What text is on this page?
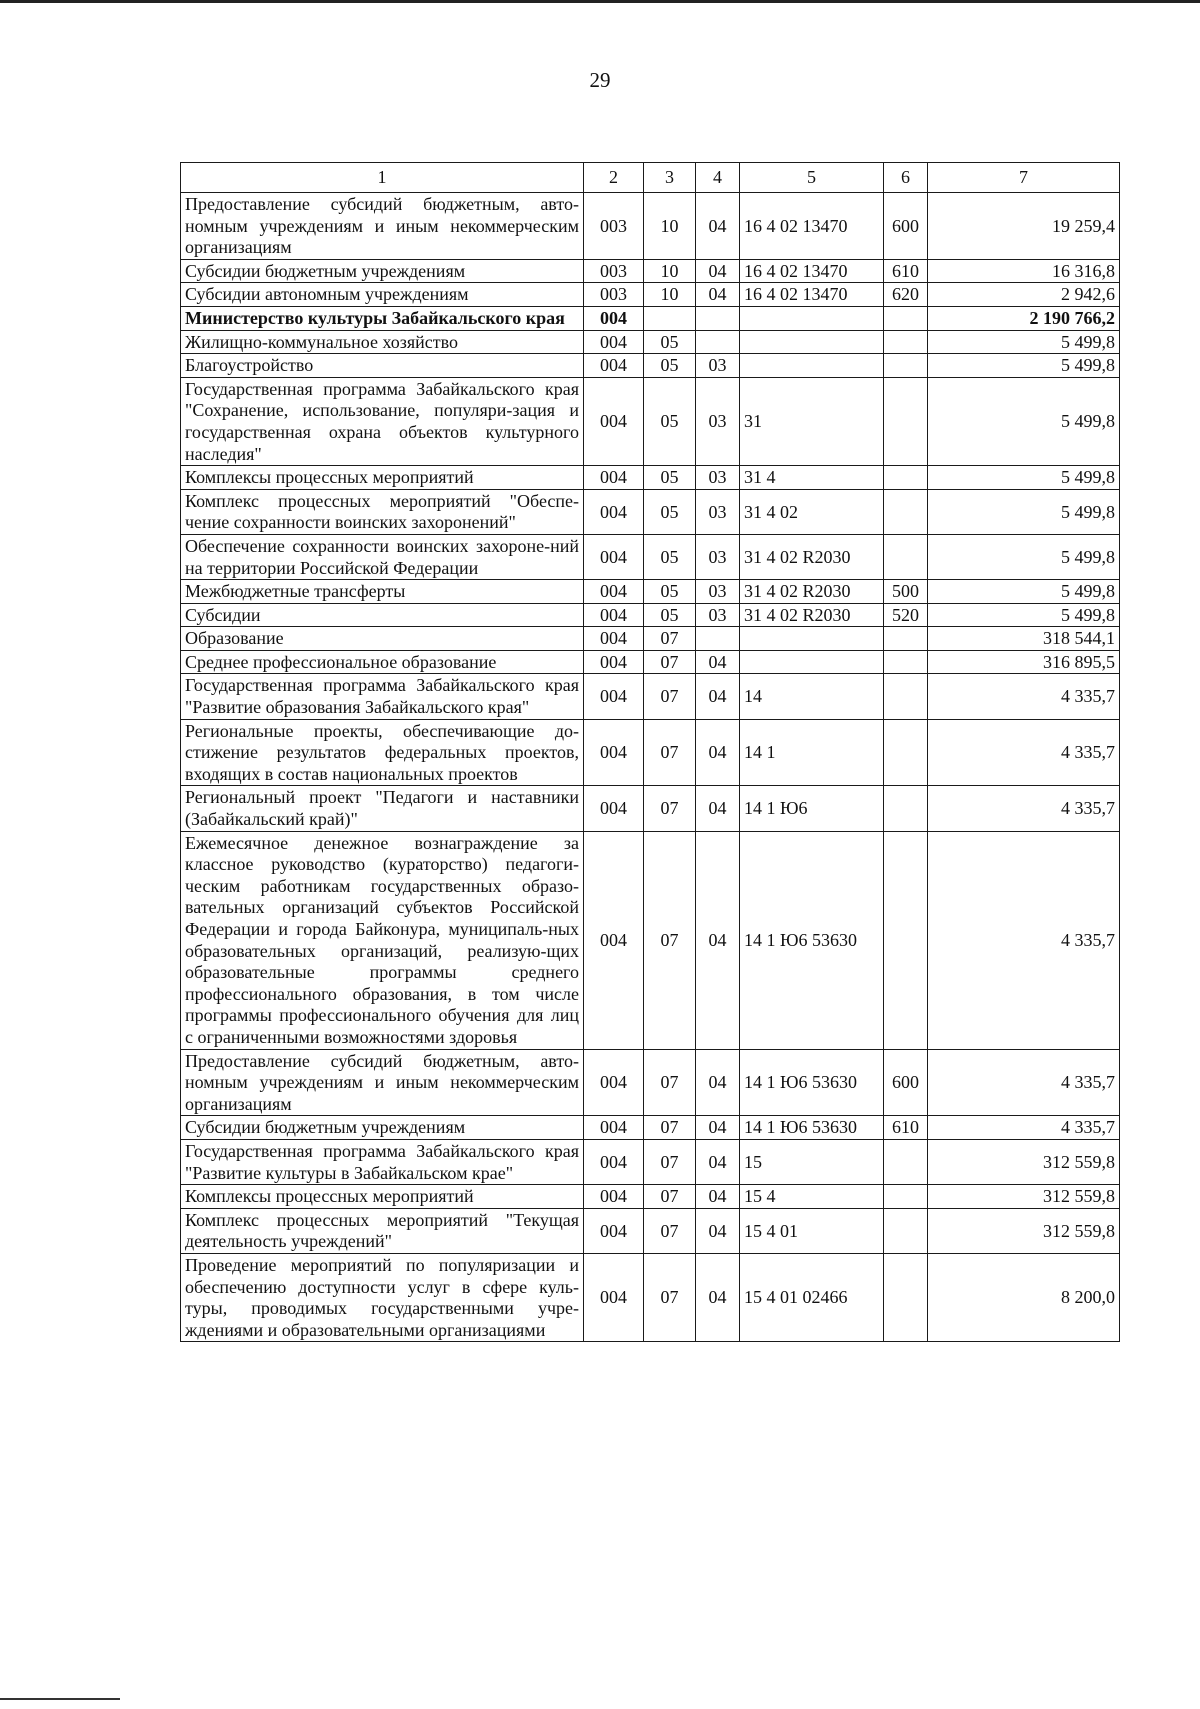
29
1	2	3	4	5	6	7
Предоставление субсидий бюджетным, авто-номным учреждениям и иным некоммерческим организациям	003	10	04	16 4 02 13470	600	19 259,4
Субсидии бюджетным учреждениям	003	10	04	16 4 02 13470	610	16 316,8
Субсидии автономным учреждениям	003	10	04	16 4 02 13470	620	2 942,6
Министерство культуры Забайкальского края	004					2 190 766,2
Жилищно-коммунальное хозяйство	004	05				5 499,8
Благоустройство	004	05	03			5 499,8
Государственная программа Забайкальского края "Сохранение, использование, популяри-зация и государственная охрана объектов культурного наследия"	004	05	03	31		5 499,8
Комплексы процессных мероприятий	004	05	03	31 4		5 499,8
Комплекс процессных мероприятий "Обеспе-чение сохранности воинских захоронений"	004	05	03	31 4 02		5 499,8
Обеспечение сохранности воинских захороне-ний на территории Российской Федерации	004	05	03	31 4 02 R2030		5 499,8
Межбюджетные трансферты	004	05	03	31 4 02 R2030	500	5 499,8
Субсидии	004	05	03	31 4 02 R2030	520	5 499,8
Образование	004	07				318 544,1
Среднее профессиональное образование	004	07	04			316 895,5
Государственная программа Забайкальского края "Развитие образования Забайкальского края"	004	07	04	14		4 335,7
Региональные проекты, обеспечивающие до-стижение результатов федеральных проектов, входящих в состав национальных проектов	004	07	04	14 1		4 335,7
Региональный проект "Педагоги и наставники (Забайкальский край)"	004	07	04	14 1 Ю6		4 335,7
Ежемесячное денежное вознаграждение за классное руководство (кураторство) педагоги-ческим работникам государственных образо-вательных организаций субъектов Российской Федерации и города Байконура, муниципаль-ных образовательных организаций, реализую-щих образовательные программы среднего профессионального образования, в том числе программы профессионального обучения для лиц с ограниченными возможностями здоровья	004	07	04	14 1 Ю6 53630		4 335,7
Предоставление субсидий бюджетным, авто-номным учреждениям и иным некоммерческим организациям	004	07	04	14 1 Ю6 53630	600	4 335,7
Субсидии бюджетным учреждениям	004	07	04	14 1 Ю6 53630	610	4 335,7
Государственная программа Забайкальского края "Развитие культуры в Забайкальском крае"	004	07	04	15		312 559,8
Комплексы процессных мероприятий	004	07	04	15 4		312 559,8
Комплекс процессных мероприятий "Текущая деятельность учреждений"	004	07	04	15 4 01		312 559,8
Проведение мероприятий по популяризации и обеспечению доступности услуг в сфере куль-туры, проводимых государственными учре-ждениями и образовательными организациями	004	07	04	15 4 01 02466		8 200,0
